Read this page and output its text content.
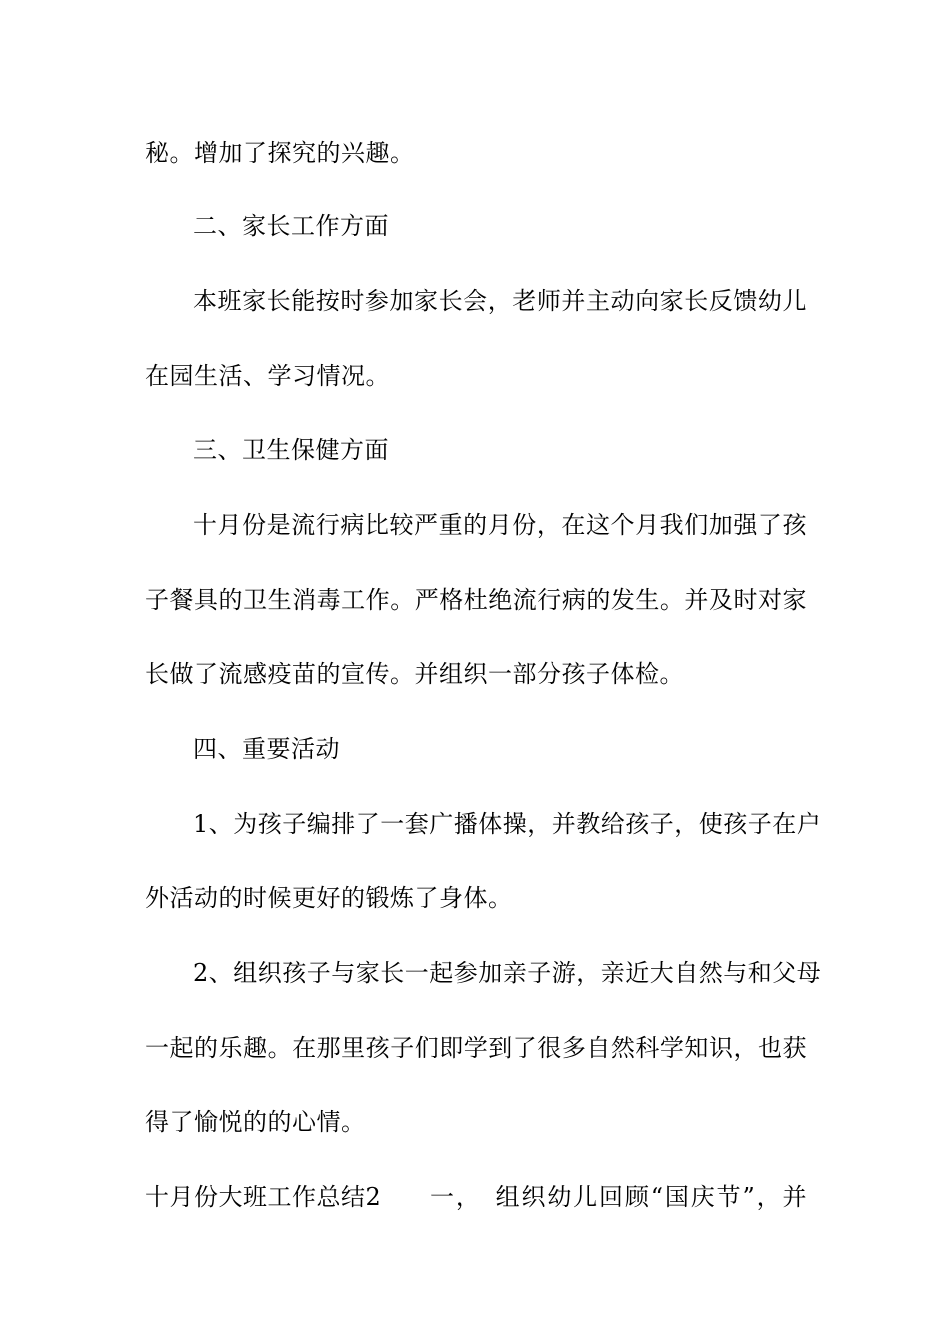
秘。增加了探究的兴趣。
二、家长工作方面
本班家长能按时参加家长会，老师并主动向家长反馈幼儿
在园生活、学习情况。
三、卫生保健方面
十月份是流行病比较严重的月份，在这个月我们加强了孩
子餐具的卫生消毒工作。严格杜绝流行病的发生。并及时对家
长做了流感疫苗的宣传。并组织一部分孩子体检。
四、重要活动
1、为孩子编排了一套广播体操，并教给孩子，使孩子在户
外活动的时候更好的锻炼了身体。
2、组织孩子与家长一起参加亲子游，亲近大自然与和父母
一起的乐趣。在那里孩子们即学到了很多自然科学知识，也获
得了愉悦的的心情。
十月份大班工作总结2 一，　组织幼儿回顾“国庆节”，并
